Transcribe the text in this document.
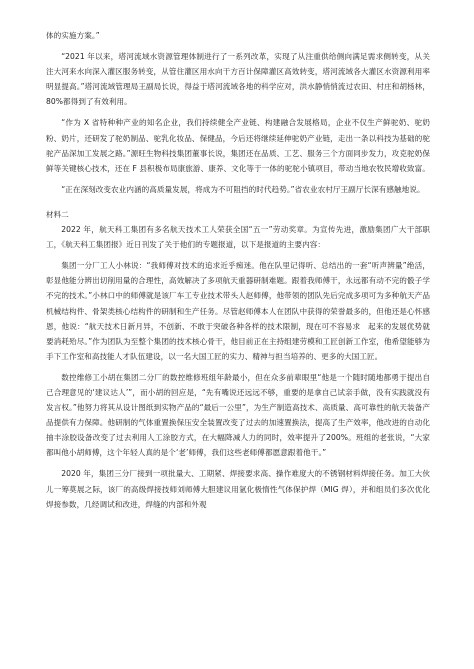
体的实施方案。”

“2021 年以来，塔河流域水资源管理体制进行了一系列改革，实现了从注重供给侧向满足需求侧转变，从关注大河来水向深入灌区服务转变，从管住灌区用水向干方百计保障灌区高效转变，塔河流域各大灌区水资源利用率明显提高。”塔河流域管理局王副局长说，得益于塔河流域各地的科学应对，洪水静悄悄流过农田、村庄和胡杨林，80%都得到了有效利用。

“作为 X 省特种种产业的知名企业，我们持续健全产业链、构建融合发展格局，企业不仅生产鲜驼奶、驼奶粉、奶片，还研发了驼奶制品、驼乳化妆品、保健品，今后还将继续延伸驼奶产业链，走出一条以科技为基础的驼驼产品深加工发展之路。”源旺生物科技集团董事长说，集团还在品质、工艺、服务三个方面同步发力，攻克驼奶保鲜等关键核心技术，还在 F 县积极布局康旅游、康养、文化等于一体的驼驼小镇项目，带动当地农牧民增收致富。

“正在深刻改变农业内涵的高质量发展，将成为不可阻挡的时代趋势。”省农业农村厅王副厅长深有感触地说。

材料二

2022 年，航天科工集团有多名航天技术工人荣获全国“五一”劳动奖章。为宣传先进，激励集团广大干部职工，《航天科工集团报》近日刊发了关于他们的专题报道，以下是报道的主要内容：

集团一分厂工人小林说：“我师傅对技术的追求近乎痴迷。他在队里记得听、总结出的一套“听声辨量”绝活，彰显他能分辨出切削用量的合理性，高效解决了多项航天重器研制难题。跟着我师傅干，永远都有动不完的骰子学不完的技术。”小林口中的师傅就是该厂车工专业技术带头人赵师傅，他带领的团队先后完成多项可为多种航天产品机械结构件、骨架类核心结构件的研制和生产任务。尽管赵师傅本人在团队中获得的荣誉最多的，但他还是心怀感恩，他说：“航天技术日新月异，不创新、不敢于突破各种各样的技术限制，现在可不容易求　起来的发展优势就要消耗殆尽。”作为团队为至整个集团的技术核心骨干，他目前正在主持组建劳模和工匠创新工作室，他希望能够为手下工作室和高技能人才队伍建设，以一名大国工匠的实力、精神与担当培养的、更多的大国工匠。

数控维修工小胡在集团二分厂的数控维修班组年龄最小，但在众多前辈眼里“他是一个随时随地都勇于提出自己合理意见的‘建议达人’”，而小胡的回应是，“先有嘴说还远远不够，重要的是拿自己试亲手做，没有实践就没有发言权。”他努力将其从设计图纸到实物产品的“最后一公里”，为生产制造高技术、高质量、高可靠性的航天装备产品提供有力保障。他研制的气体重置换保压安全装置改变了过去的加速置换法，提高了生产效率，他改进的自动化抽丰涂胶设备改变了过去利用人工涂胶方式，在大幅降减人力的同时，效率提升了200%。班组的老张说，“大家都叫他小胡师傅，这个年轻人真的是个‘老’师傅，我们这些老师傅都愿意跟着他干。”

2020 年，集团三分厂接到一项批量大、工期紧、焊接要求高、操作难度大的不锈钢材料焊接任务。加工大伙儿一筹莫展之际，该厂的高级焊接技师刘师傅大胆建议用氩化极惰性气体保护焊（MIG 焊），并和组员们多次优化焊接参数，几经调试和改进，焊缝的内部和外观
